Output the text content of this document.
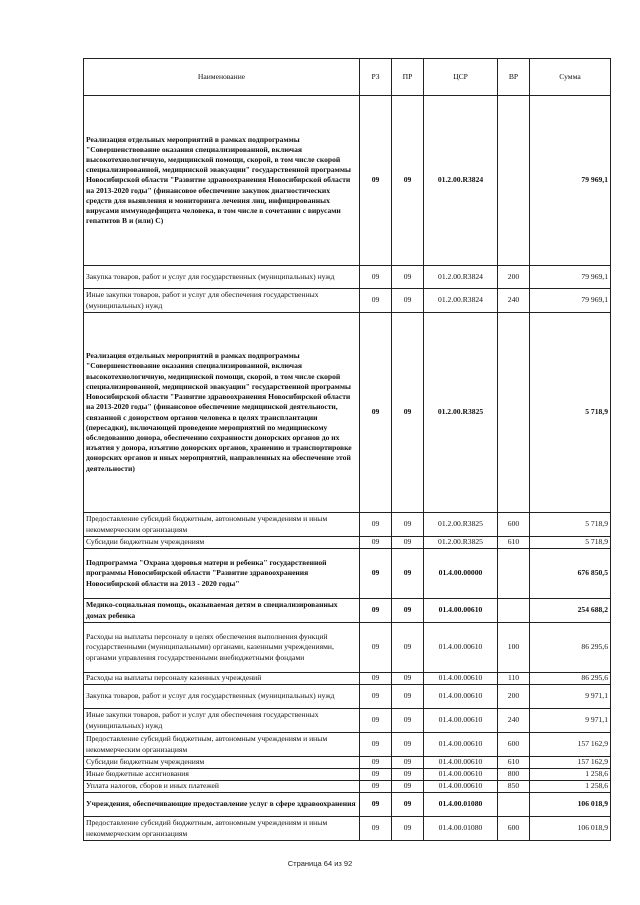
Наименование	РЗ	ПР	ЦСР	ВР	Сумма
Реализация отдельных мероприятий в рамках подпрограммы "Совершенствование оказания специализированной, включая высокотехнологичную, медицинской помощи, скорой, в том числе скорой специализированной, медицинской эвакуации" государственной программы Новосибирской области "Развитие здравоохранения Новосибирской области на 2013-2020 годы" (финансовое обеспечение закупок диагностических средств для выявления и мониторинга лечения лиц, инфицированных вирусами иммунодефицита человека, в том числе в сочетании с вирусами гепатитов В и (или) С)	09	09	01.2.00.R3824		79 969,1
Закупка товаров, работ и услуг для государственных (муниципальных) нужд	09	09	01.2.00.R3824	200	79 969,1
Иные закупки товаров, работ и услуг для обеспечения государственных (муниципальных) нужд	09	09	01.2.00.R3824	240	79 969,1
Реализация отдельных мероприятий в рамках подпрограммы "Совершенствование оказания специализированной, включая высокотехнологичную, медицинской помощи, скорой, в том числе скорой специализированной, медицинской эвакуации" государственной программы Новосибирской области "Развитие здравоохранения Новосибирской области на 2013-2020 годы" (финансовое обеспечение медицинской деятельности, связанной с донорством органов человека в целях трансплантации (пересадки), включающей проведение мероприятий по медицинскому обследованию донора, обеспечению сохранности донорских органов до их изъятия у донора, изъятию донорских органов, хранению и транспортировке донорских органов и иных мероприятий, направленных на обеспечение этой деятельности)	09	09	01.2.00.R3825		5 718,9
Предоставление субсидий бюджетным, автономным учреждениям и иным некоммерческим организациям	09	09	01.2.00.R3825	600	5 718,9
Субсидии бюджетным учреждениям	09	09	01.2.00.R3825	610	5 718,9
Подпрограмма "Охрана здоровья матери и ребенка" государственной программы Новосибирской области "Развитие здравоохранения Новосибирской области на 2013 - 2020 годы"	09	09	01.4.00.00000		676 850,5
Медико-социальная помощь, оказываемая детям в специализированных домах ребенка	09	09	01.4.00.00610		254 688,2
Расходы на выплаты персоналу в целях обеспечения выполнения функций государственными (муниципальными) органами, казенными учреждениями, органами управления государственными внебюджетными фондами	09	09	01.4.00.00610	100	86 295,6
Расходы на выплаты персоналу казенных учреждений	09	09	01.4.00.00610	110	86 295,6
Закупка товаров, работ и услуг для государственных (муниципальных) нужд	09	09	01.4.00.00610	200	9 971,1
Иные закупки товаров, работ и услуг для обеспечения государственных (муниципальных) нужд	09	09	01.4.00.00610	240	9 971,1
Предоставление субсидий бюджетным, автономным учреждениям и иным некоммерческим организациям	09	09	01.4.00.00610	600	157 162,9
Субсидии бюджетным учреждениям	09	09	01.4.00.00610	610	157 162,9
Иные бюджетные ассигнования	09	09	01.4.00.00610	800	1 258,6
Уплата налогов, сборов и иных платежей	09	09	01.4.00.00610	850	1 258,6
Учреждения, обеспечивающие предоставление услуг в сфере здравоохранения	09	09	01.4.00.01080		106 018,9
Предоставление субсидий бюджетным, автономным учреждениям и иным некоммерческим организациям	09	09	01.4.00.01080	600	106 018,9
Страница 64 из 92
